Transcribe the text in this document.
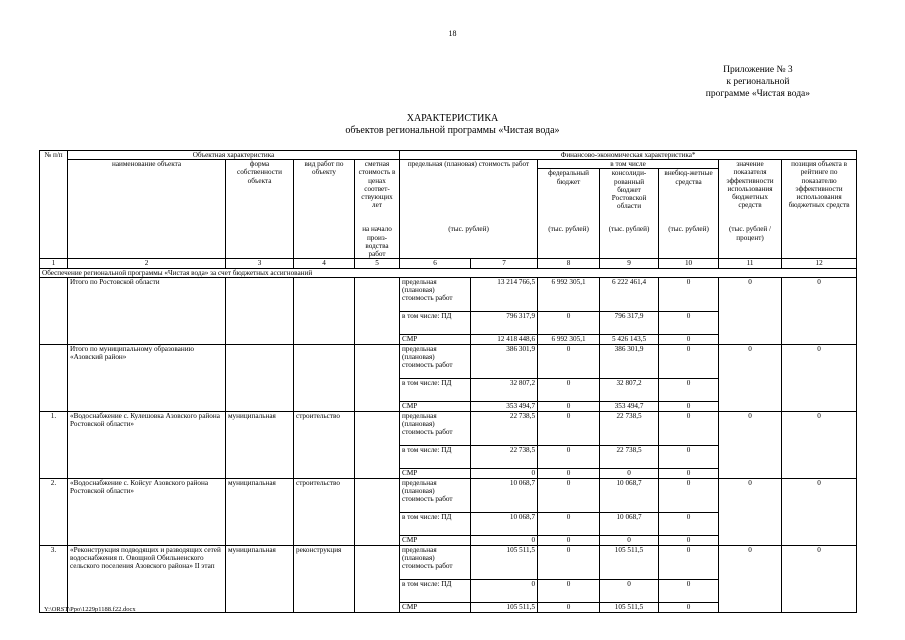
18
Приложение № 3
к региональной
программе «Чистая вода»
ХАРАКТЕРИСТИКА
объектов региональной программы «Чистая вода»
№ п/п	Объектная характеристика				Финансово-экономическая характеристика*						
	наименование объекта	форма собственности объекта	вид работ по объекту	сметная стоимость в ценах соответ-ствующих лет	предельная (плановая) стоимость работ		в том числе			значение показателя эффективности использования бюджетных средств	позиция объекта в рейтинге по показателю эффективности использования бюджетных средств
							федеральный бюджет	консолиди-рованный бюджет Ростовской области	внебюд-жетные средства		
				на начало произ-водства работ	(тыс. рублей)		(тыс. рублей)	(тыс. рублей)	(тыс. рублей)	(тыс. рублей / процент)	
1	2	3	4	5	6	7	8	9	10	11	12
Обеспечение региональной программы «Чистая вода» за счет бюджетных ассигнований											
	Итого по Ростовской области				предельная (плановая) стоимость работ	13 214 766,5	6 992 305,1	6 222 461,4	0	0	0
					в том числе: ПД	796 317,9	0	796 317,9	0		
					СМР	12 418 448,6	6 992 305,1	5 426 143,5	0		
	Итого по муниципальному образованию «Азовский район»				предельная (плановая) стоимость работ	386 301,9	0	386 301,9	0	0	0
					в том числе: ПД	32 807,2	0	32 807,2	0		
					СМР	353 494,7	0	353 494,7	0		
1.	«Водоснабжение с. Кулешовка Азовского района Ростовской области»	муниципальная	строительство		предельная (плановая) стоимость работ	22 738,5	0	22 738,5	0	0	0
					в том числе: ПД	22 738,5	0	22 738,5	0		
					СМР	0	0	0	0		
2.	«Водоснабжение с. Койсуг Азовского района Ростовской области»	муниципальная	строительство		предельная (плановая) стоимость работ	10 068,7	0	10 068,7	0	0	0
					в том числе: ПД	10 068,7	0	10 068,7	0		
					СМР	0	0	0	0		
3.	«Реконструкция подводящих и разводящих сетей водоснабжения п. Овощной Обильненского сельского поселения Азовского района» II этап	муниципальная	реконструкция		предельная (плановая) стоимость работ	105 511,5	0	105 511,5	0	0	0
					в том числе: ПД	0	0	0	0		
					СМР	105 511,5	0	105 511,5	0		
Y:\ORST\Ppo\1229p1188.f22.docx
